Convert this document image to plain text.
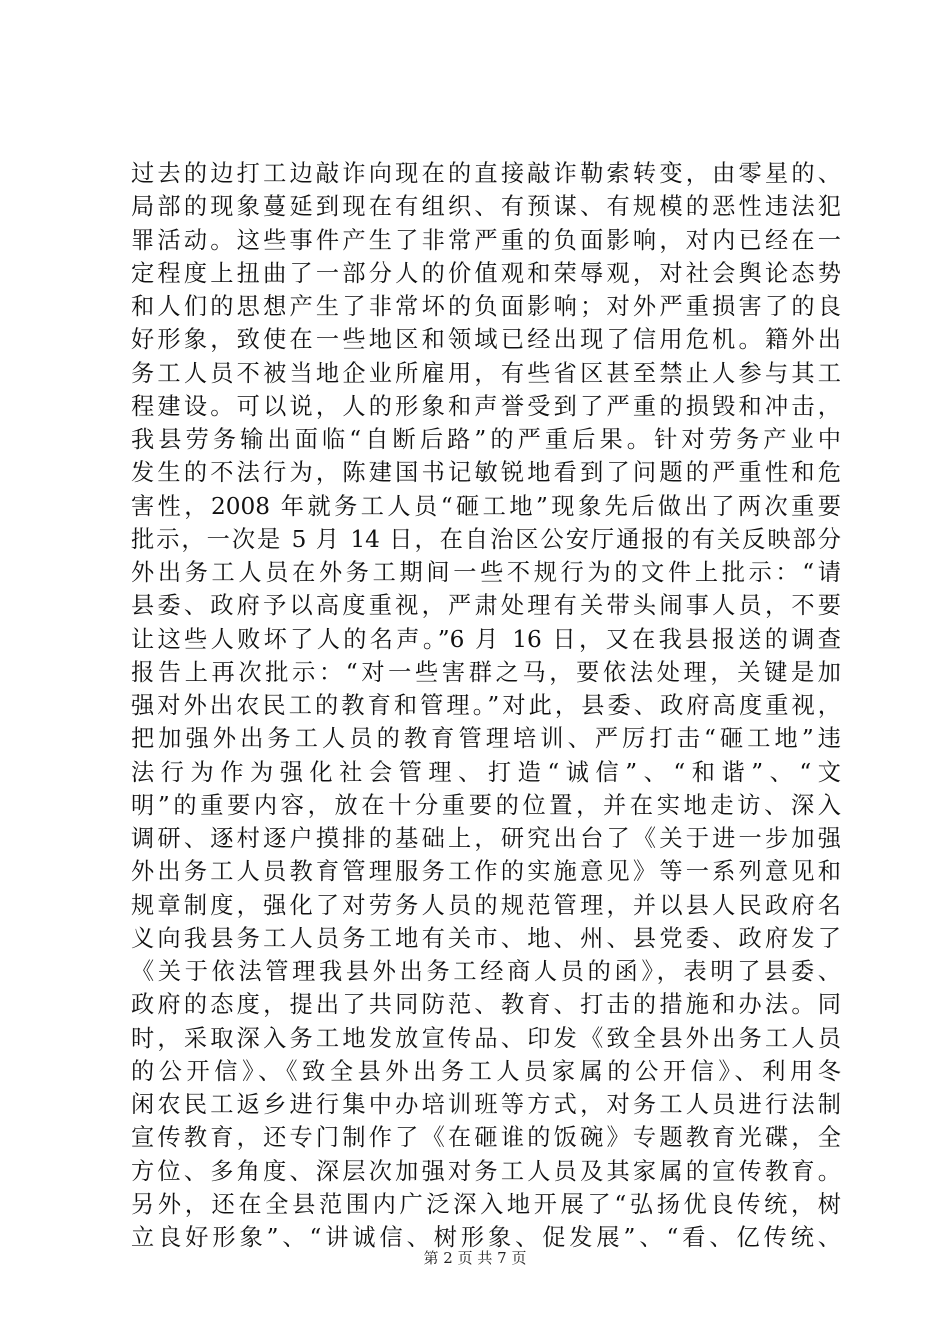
过去的边打工边敲诈向现在的直接敲诈勒索转变，由零星的、
局部的现象蔓延到现在有组织、有预谋、有规模的恶性违法犯
罪活动。这些事件产生了非常严重的负面影响，对内已经在一
定程度上扭曲了一部分人的价值观和荣辱观，对社会舆论态势
和人们的思想产生了非常坏的负面影响；对外严重损害了的良
好形象，致使在一些地区和领域已经出现了信用危机。籍外出
务工人员不被当地企业所雇用，有些省区甚至禁止人参与其工
程建设。可以说，人的形象和声誉受到了严重的损毁和冲击，
我县劳务输出面临“自断后路”的严重后果。针对劳务产业中
发生的不法行为，陈建国书记敏锐地看到了问题的严重性和危
害性，2008 年就务工人员“砸工地”现象先后做出了两次重要
批示，一次是 5 月 14 日，在自治区公安厅通报的有关反映部分
外出务工人员在外务工期间一些不规行为的文件上批示：“请
县委、政府予以高度重视，严肃处理有关带头闹事人员，不要
让这些人败坏了人的名声。”6 月 16 日，又在我县报送的调查
报告上再次批示：“对一些害群之马，要依法处理，关键是加
强对外出农民工的教育和管理。”对此，县委、政府高度重视，
把加强外出务工人员的教育管理培训、严厉打击“砸工地”违
法行为作为强化社会管理、打造“诚信”、“和谐”、“文
明”的重要内容，放在十分重要的位置，并在实地走访、深入
调研、逐村逐户摸排的基础上，研究出台了《关于进一步加强
外出务工人员教育管理服务工作的实施意见》等一系列意见和
规章制度，强化了对劳务人员的规范管理，并以县人民政府名
义向我县务工人员务工地有关市、地、州、县党委、政府发了
《关于依法管理我县外出务工经商人员的函》，表明了县委、
政府的态度，提出了共同防范、教育、打击的措施和办法。同
时，采取深入务工地发放宣传品、印发《致全县外出务工人员
的公开信》、《致全县外出务工人员家属的公开信》、利用冬
闲农民工返乡进行集中办培训班等方式，对务工人员进行法制
宣传教育，还专门制作了《在砸谁的饭碗》专题教育光碟，全
方位、多角度、深层次加强对务工人员及其家属的宣传教育。
另外，还在全县范围内广泛深入地开展了“弘扬优良传统，树
立良好形象”、“讲诚信、树形象、促发展”、“看、亿传统、
第 2 页 共 7 页
